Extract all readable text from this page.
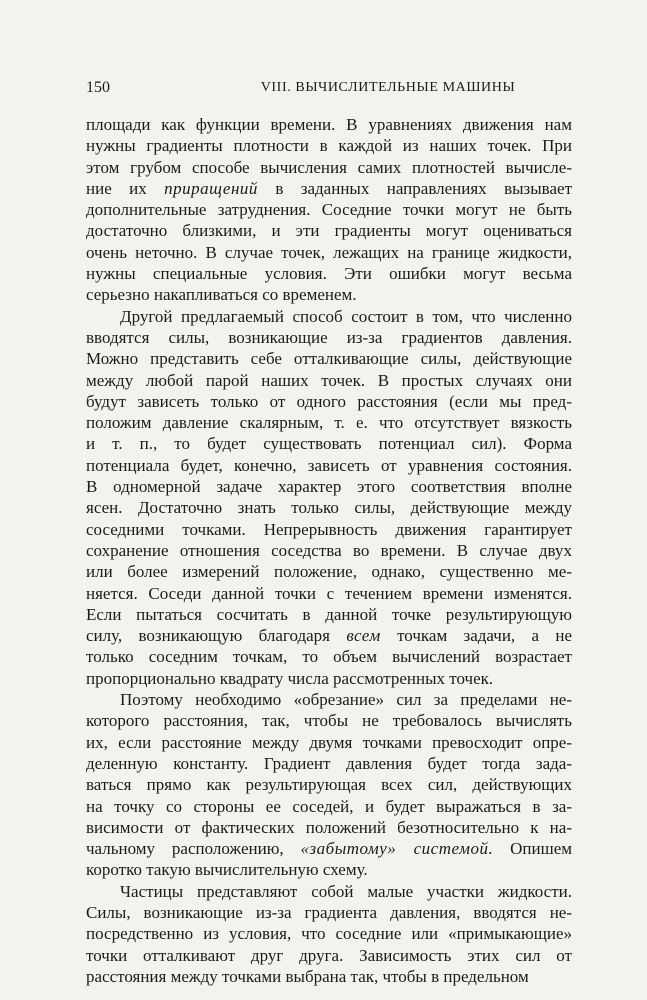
150	VIII. ВЫЧИСЛИТЕЛЬНЫЕ МАШИНЫ
площади как функции времени. В уравнениях движения нам
нужны градиенты плотности в каждой из наших точек. При
этом грубом способе вычисления самих плотностей вычисле-
ние их приращений в заданных направлениях вызывает
дополнительные затруднения. Соседние точки могут не быть
достаточно близкими, и эти градиенты могут оцениваться
очень неточно. В случае точек, лежащих на границе жидкости,
нужны специальные условия. Эти ошибки могут весьма
серьезно накапливаться со временем.
Другой предлагаемый способ состоит в том, что численно
вводятся силы, возникающие из-за градиентов давления.
Можно представить себе отталкивающие силы, действующие
между любой парой наших точек. В простых случаях они
будут зависеть только от одного расстояния (если мы пред-
положим давление скалярным, т. е. что отсутствует вязкость
и т. п., то будет существовать потенциал сил). Форма
потенциала будет, конечно, зависеть от уравнения состояния.
В одномерной задаче характер этого соответствия вполне
ясен. Достаточно знать только силы, действующие между
соседними точками. Непрерывность движения гарантирует
сохранение отношения соседства во времени. В случае двух
или более измерений положение, однако, существенно ме-
няется. Соседи данной точки с течением времени изменятся.
Если пытаться сосчитать в данной точке результирующую
силу, возникающую благодаря всем точкам задачи, а не
только соседним точкам, то объем вычислений возрастает
пропорционально квадрату числа рассмотренных точек.
Поэтому необходимо «обрезание» сил за пределами не-
которого расстояния, так, чтобы не требовалось вычислять
их, если расстояние между двумя точками превосходит опре-
деленную константу. Градиент давления будет тогда зада-
ваться прямо как результирующая всех сил, действующих
на точку со стороны ее соседей, и будет выражаться в за-
висимости от фактических положений безотносительно к на-
чальному расположению, «забытому» системой. Опишем
коротко такую вычислительную схему.
Частицы представляют собой малые участки жидкости.
Силы, возникающие из-за градиента давления, вводятся не-
посредственно из условия, что соседние или «примыкающие»
точки отталкивают друг друга. Зависимость этих сил от
расстояния между точками выбрана так, чтобы в предельном
